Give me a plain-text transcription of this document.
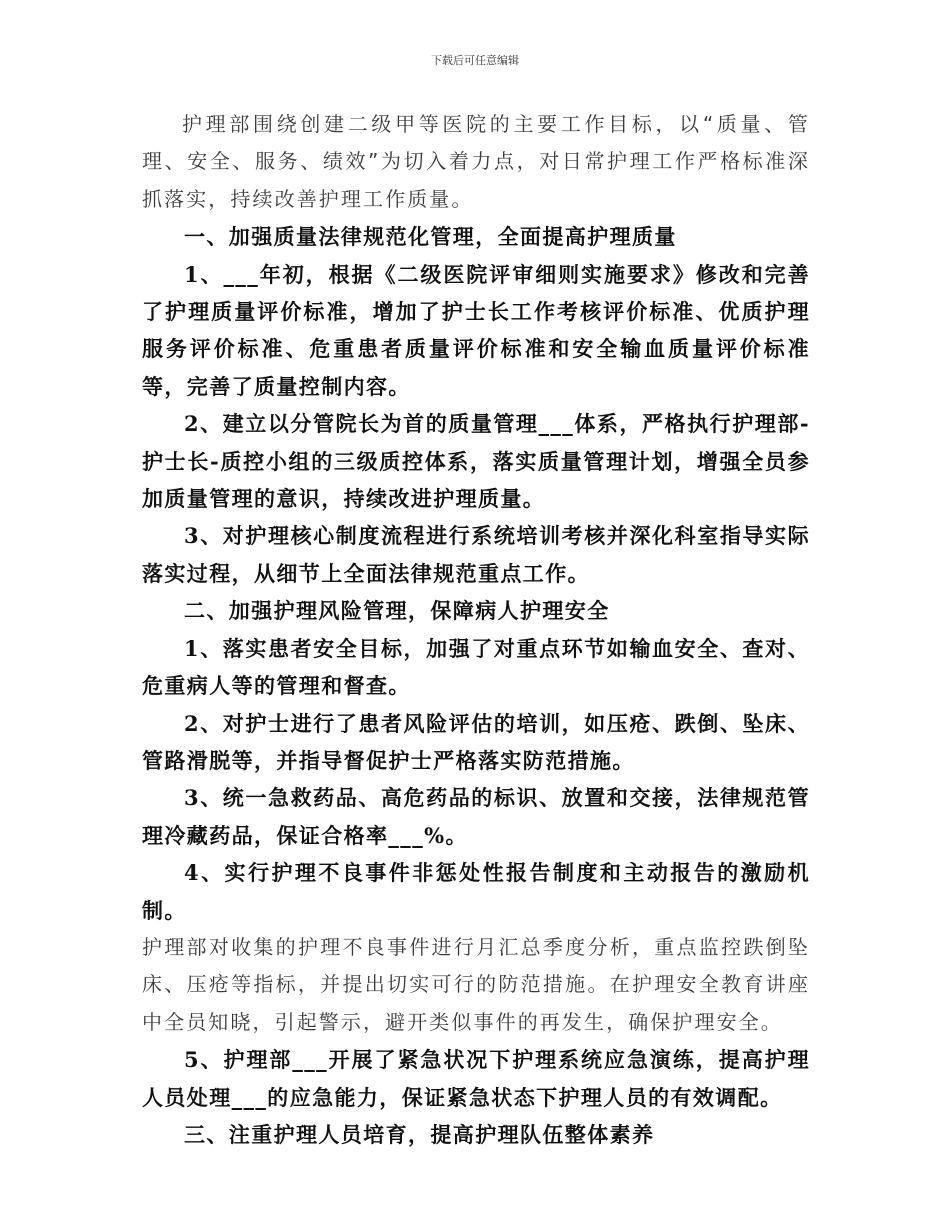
下载后可任意编辑

护理部围绕创建二级甲等医院的主要工作目标，以“质量、管理、安全、服务、绩效”为切入着力点，对日常护理工作严格标准深抓落实，持续改善护理工作质量。

一、加强质量法律规范化管理，全面提高护理质量

1、___年初，根据《二级医院评审细则实施要求》修改和完善了护理质量评价标准，增加了护士长工作考核评价标准、优质护理服务评价标准、危重患者质量评价标准和安全输血质量评价标准等，完善了质量控制内容。

2、建立以分管院长为首的质量管理___体系，严格执行护理部-护士长-质控小组的三级质控体系，落实质量管理计划，增强全员参加质量管理的意识，持续改进护理质量。

3、对护理核心制度流程进行系统培训考核并深化科室指导实际落实过程，从细节上全面法律规范重点工作。

二、加强护理风险管理，保障病人护理安全

1、落实患者安全目标，加强了对重点环节如输血安全、查对、危重病人等的管理和督查。

2、对护士进行了患者风险评估的培训，如压疮、跌倒、坠床、管路滑脱等，并指导督促护士严格落实防范措施。

3、统一急救药品、高危药品的标识、放置和交接，法律规范管理冷藏药品，保证合格率___%。

4、实行护理不良事件非惩处性报告制度和主动报告的激励机制。

护理部对收集的护理不良事件进行月汇总季度分析，重点监控跌倒坠床、压疮等指标，并提出切实可行的防范措施。在护理安全教育讲座中全员知晓，引起警示，避开类似事件的再发生，确保护理安全。

5、护理部___开展了紧急状况下护理系统应急演练，提高护理人员处理___的应急能力，保证紧急状态下护理人员的有效调配。

三、注重护理人员培育，提高护理队伍整体素养
